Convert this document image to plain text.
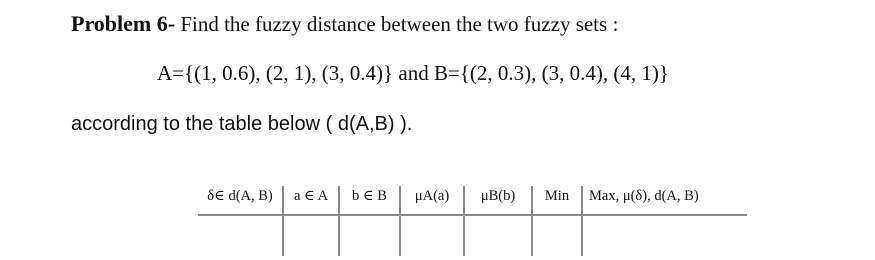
Problem 6- Find the fuzzy distance between the two fuzzy sets :
A={(1, 0.6), (2, 1), (3, 0.4)} and B={(2, 0.3), (3, 0.4), (4, 1)}
according to the table below ( d(A,B) ).
δ∈ d(A, B)	a ∈ A	b ∈ B	μA(a)	μB(b)	Min	Max, μ(δ), d(A, B)
